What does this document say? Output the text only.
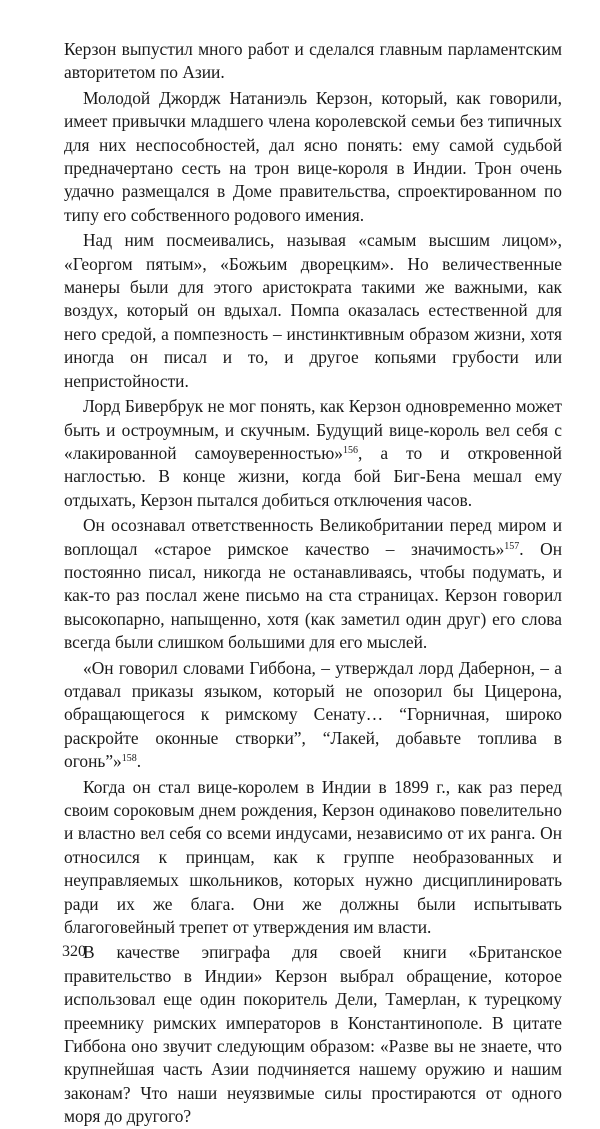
Керзон выпустил много работ и сделался главным парламентским авторитетом по Азии.

Молодой Джордж Натаниэль Керзон, который, как говорили, имеет привычки младшего члена королевской семьи без типичных для них неспособностей, дал ясно понять: ему самой судьбой предначертано сесть на трон вице-короля в Индии. Трон очень удачно размещался в Доме правительства, спроектированном по типу его собственного родового имения.

Над ним посмеивались, называя «самым высшим лицом», «Георгом пятым», «Божьим дворецким». Но величественные манеры были для этого аристократа такими же важными, как воздух, который он вдыхал. Помпа оказалась естественной для него средой, а помпезность – инстинктивным образом жизни, хотя иногда он писал и то, и другое копьями грубости или непристойности.

Лорд Бивербрук не мог понять, как Керзон одновременно может быть и остроумным, и скучным. Будущий вице-король вел себя с «лакированной самоуверенностью»$^{156}$, а то и откровенной наглостью. В конце жизни, когда бой Биг-Бена мешал ему отдыхать, Керзон пытался добиться отключения часов.

Он осознавал ответственность Великобритании перед миром и воплощал «старое римское качество – значимость»$^{157}$. Он постоянно писал, никогда не останавливаясь, чтобы подумать, и как-то раз послал жене письмо на ста страницах. Керзон говорил высокопарно, напыщенно, хотя (как заметил один друг) его слова всегда были слишком большими для его мыслей.

«Он говорил словами Гиббона, – утверждал лорд Дабернон, – а отдавал приказы языком, который не опозорил бы Цицерона, обращающегося к римскому Сенату… “Горничная, широко раскройте оконные створки”, “Лакей, добавьте топлива в огонь”»$^{158}$.

Когда он стал вице-королем в Индии в 1899 г., как раз перед своим сороковым днем рождения, Керзон одинаково повелительно и властно вел себя со всеми индусами, независимо от их ранга. Он относился к принцам, как к группе необразованных и неуправляемых школьников, которых нужно дисциплинировать ради их же блага. Они же должны были испытывать благоговейный трепет от утверждения им власти.

В качестве эпиграфа для своей книги «Британское правительство в Индии» Керзон выбрал обращение, которое использовал еще один покоритель Дели, Тамерлан, к турецкому преемнику римских императоров в Константинополе. В цитате Гиббона оно звучит следующим образом: «Разве вы не знаете, что крупнейшая часть Азии подчиняется нашему оружию и нашим законам? Что наши неуязвимые силы простираются от одного моря до другого?

320
